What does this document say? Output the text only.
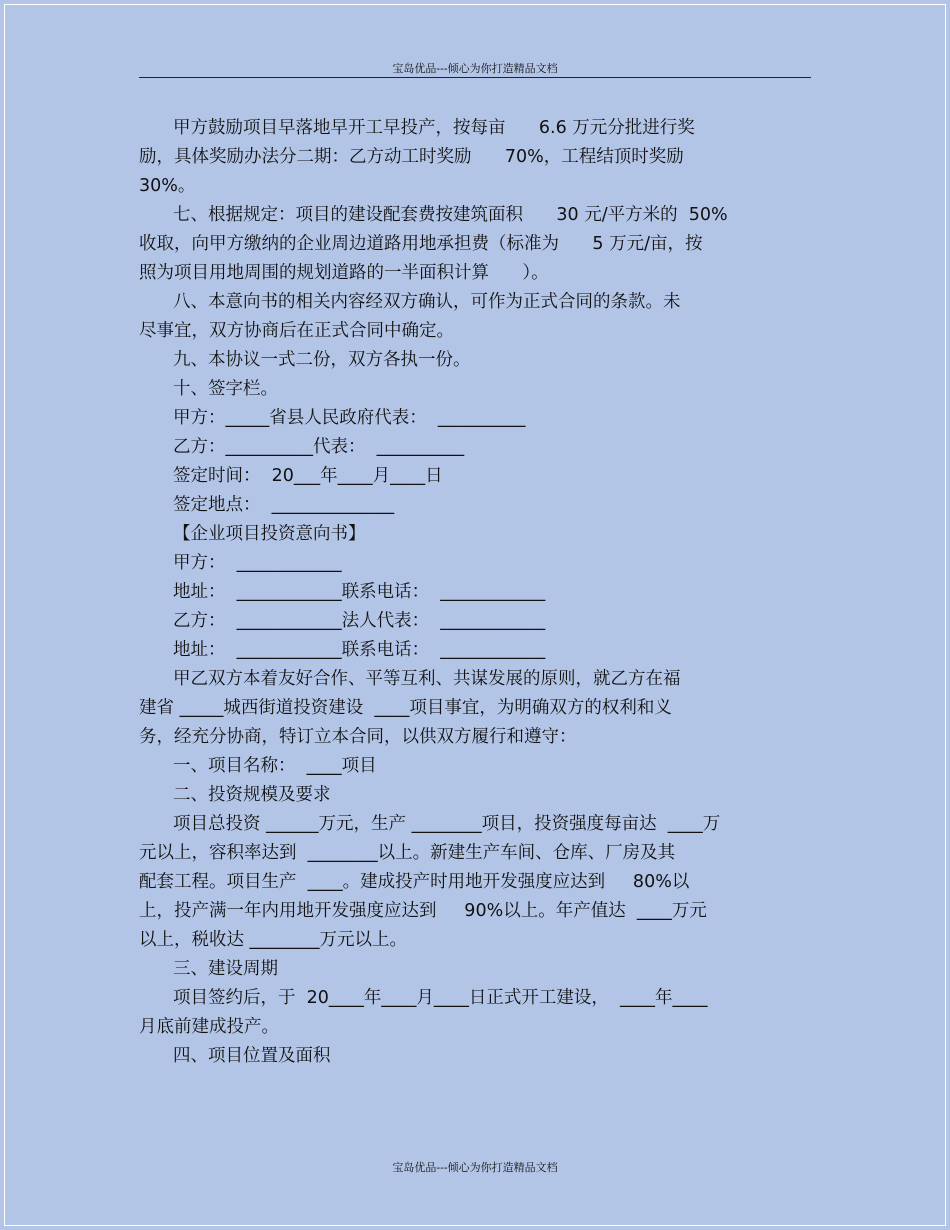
宝岛优品---倾心为你打造精品文档
甲方鼓励项目早落地早开工早投产，按每亩      6.6 万元分批进行奖
励，具体奖励办法分二期：乙方动工时奖励      70%，工程结顶时奖励
30%。
七、根据规定：项目的建设配套费按建筑面积      30 元/平方米的  50%
收取，向甲方缴纳的企业周边道路用地承担费（标准为      5 万元/亩，按
照为项目用地周围的规划道路的一半面积计算      ）。
八、本意向书的相关内容经双方确认，可作为正式合同的条款。未
尽事宜，双方协商后在正式合同中确定。
九、本协议一式二份，双方各执一份。
十、签字栏。
甲方：_____省县人民政府代表：  __________
乙方：__________代表：  __________
签定时间：  20___年____月____日
签定地点：  ______________
【企业项目投资意向书】
甲方：  ____________
地址：  ____________联系电话：  ____________
乙方：  ____________法人代表：  ____________
地址：  ____________联系电话：  ____________
甲乙双方本着友好合作、平等互利、共谋发展的原则，就乙方在福
建省 _____城西街道投资建设  ____项目事宜，为明确双方的权利和义
务，经充分协商，特订立本合同，以供双方履行和遵守：
一、项目名称：  ____项目
二、投资规模及要求
项目总投资 ______万元，生产 ________项目，投资强度每亩达  ____万
元以上，容积率达到  ________以上。新建生产车间、仓库、厂房及其
配套工程。项目生产  ____。建成投产时用地开发强度应达到     80%以
上，投产满一年内用地开发强度应达到     90%以上。年产值达  ____万元
以上，税收达 ________万元以上。
三、建设周期
项目签约后，于  20____年____月____日正式开工建设，  ____年____
月底前建成投产。
四、项目位置及面积
宝岛优品---倾心为你打造精品文档
